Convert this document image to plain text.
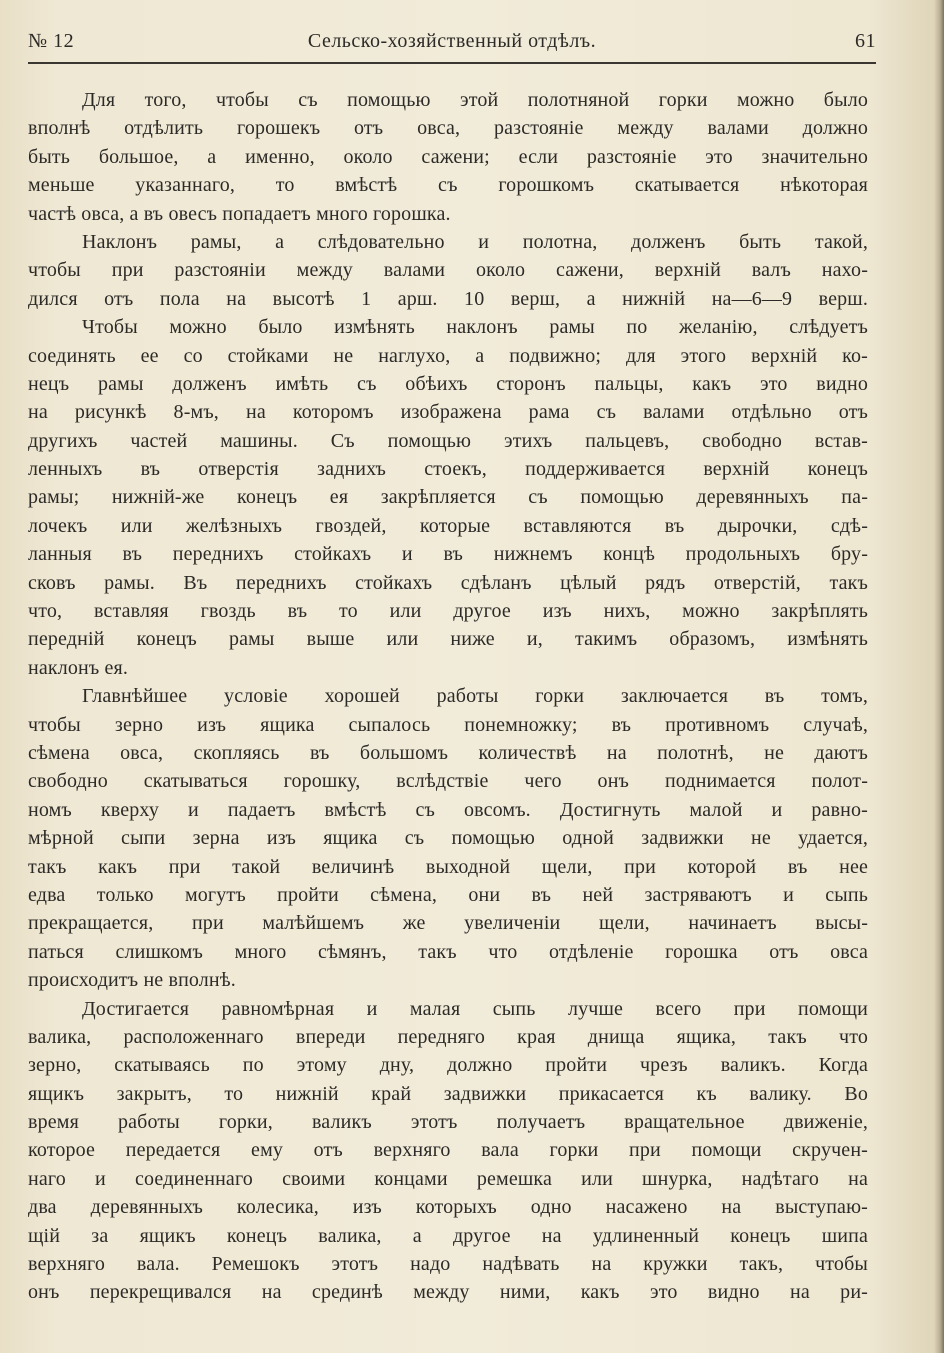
№ 12	Сельско-хозяйственный отдѣлъ.	61
Для того, чтобы съ помощью этой полотняной горки можно было
вполнѣ отдѣлить горошекъ отъ овса, разстояніе между валами должно
быть большое, а именно, около сажени; если разстояніе это значительно
меньше указаннаго, то вмѣстѣ съ горошкомъ скатывается нѣкоторая
частѣ овса, а въ овесъ попадаетъ много горошка.
Наклонъ рамы, а слѣдовательно и полотна, долженъ быть такой,
чтобы при разстояніи между валами около сажени, верхній валъ нахо-
дился отъ пола на высотѣ 1 арш. 10 верш, а нижній на—6—9 верш.
Чтобы можно было измѣнять наклонъ рамы по желанію, слѣдуетъ
соединять ее со стойками не наглухо, а подвижно; для этого верхній ко-
нецъ рамы долженъ имѣть съ обѣихъ сторонъ пальцы, какъ это видно
на рисункѣ 8-мъ, на которомъ изображена рама съ валами отдѣльно отъ
другихъ частей машины. Съ помощью этихъ пальцевъ, свободно встав-
ленныхъ въ отверстія заднихъ стоекъ, поддерживается верхній конецъ
рамы; нижній-же конецъ ея закрѣпляется съ помощью деревянныхъ па-
лочекъ или желѣзныхъ гвоздей, которые вставляются въ дырочки, сдѣ-
ланныя въ переднихъ стойкахъ и въ нижнемъ концѣ продольныхъ бру-
сковъ рамы. Въ переднихъ стойкахъ сдѣланъ цѣлый рядъ отверстій, такъ
что, вставляя гвоздь въ то или другое изъ нихъ, можно закрѣплять
передній конецъ рамы выше или ниже и, такимъ образомъ, измѣнять
наклонъ ея.
Главнѣйшее условіе хорошей работы горки заключается въ томъ,
чтобы зерно изъ ящика сыпалось понемножку; въ противномъ случаѣ,
сѣмена овса, скопляясь въ большомъ количествѣ на полотнѣ, не даютъ
свободно скатываться горошку, вслѣдствіе чего онъ поднимается полот-
номъ кверху и падаетъ вмѣстѣ съ овсомъ. Достигнуть малой и равно-
мѣрной сыпи зерна изъ ящика съ помощью одной задвижки не удается,
такъ какъ при такой величинѣ выходной щели, при которой въ нее
едва только могутъ пройти сѣмена, они въ ней застряваютъ и сыпь
прекращается, при малѣйшемъ же увеличеніи щели, начинаетъ высы-
паться слишкомъ много сѣмянъ, такъ что отдѣленіе горошка отъ овса
происходитъ не вполнѣ.
Достигается равномѣрная и малая сыпь лучше всего при помощи
валика, расположеннаго впереди передняго края днища ящика, такъ что
зерно, скатываясь по этому дну, должно пройти чрезъ валикъ. Когда
ящикъ закрытъ, то нижній край задвижки прикасается къ валику. Во
время работы горки, валикъ этотъ получаетъ вращательное движеніе,
которое передается ему отъ верхняго вала горки при помощи скручен-
наго и соединеннаго своими концами ремешка или шнурка, надѣтаго на
два деревянныхъ колесика, изъ которыхъ одно насажено на выступаю-
щій за ящикъ конецъ валика, а другое на удлиненный конецъ шипа
верхняго вала. Ремешокъ этотъ надо надѣвать на кружки такъ, чтобы
онъ перекрещивался на срединѣ между ними, какъ это видно на ри-
